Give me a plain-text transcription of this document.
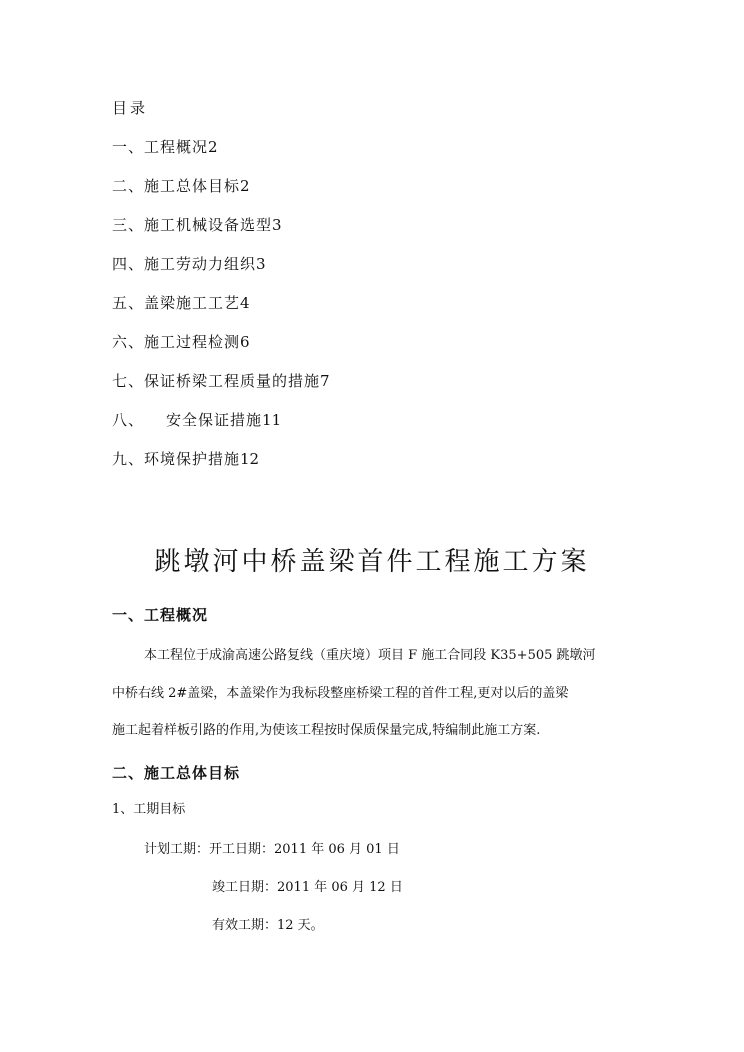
目录
一、工程概况2
二、施工总体目标2
三、施工机械设备选型3
四、施工劳动力组织3
五、盖梁施工工艺4
六、施工过程检测6
七、保证桥梁工程质量的措施7
八、 安全保证措施11
九、环境保护措施12
跳墩河中桥盖梁首件工程施工方案
一、工程概况
本工程位于成渝高速公路复线（重庆境）项目 F 施工合同段 K35+505 跳墩河
中桥右线 2#盖梁，本盖梁作为我标段整座桥梁工程的首件工程,更对以后的盖梁
施工起着样板引路的作用,为使该工程按时保质保量完成,特编制此施工方案.
二、施工总体目标
1、工期目标
计划工期：开工日期：2011 年 06 月 01 日
竣工日期：2011 年 06 月 12 日
有效工期：12 天。
